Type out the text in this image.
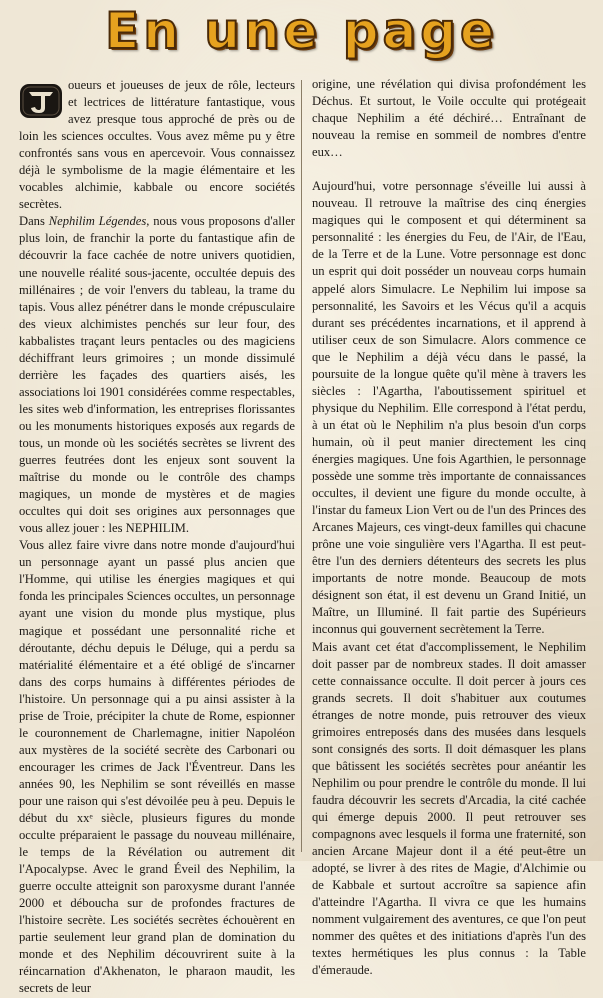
En une page

oueurs et joueuses de jeux de rôle, lecteurs et lectrices de littérature fantastique, vous avez presque tous approché de près ou de loin les sciences occultes. Vous avez même pu y être confrontés sans vous en apercevoir. Vous connaissez déjà le symbolisme de la magie élémentaire et les vocables alchimie, kabbale ou encore sociétés secrètes.

Dans Nephilim Légendes, nous vous proposons d'aller plus loin, de franchir la porte du fantastique afin de découvrir la face cachée de notre univers quotidien, une nouvelle réalité sous-jacente, occultée depuis des millénaires ; de voir l'envers du tableau, la trame du tapis. Vous allez pénétrer dans le monde crépusculaire des vieux alchimistes penchés sur leur four, des kabbalistes traçant leurs pentacles ou des magiciens déchiffrant leurs grimoires ; un monde dissimulé derrière les façades des quartiers aisés, les associations loi 1901 considérées comme respectables, les sites web d'information, les entreprises florissantes ou les monuments historiques exposés aux regards de tous, un monde où les sociétés secrètes se livrent des guerres feutrées dont les enjeux sont souvent la maîtrise du monde ou le contrôle des champs magiques, un monde de mystères et de magies occultes qui doit ses origines aux personnages que vous allez jouer : les NEPHILIM.

Vous allez faire vivre dans notre monde d'aujourd'hui un personnage ayant un passé plus ancien que l'Homme, qui utilise les énergies magiques et qui fonda les principales Sciences occultes, un personnage ayant une vision du monde plus mystique, plus magique et possédant une personnalité riche et déroutante, déchu depuis le Déluge, qui a perdu sa matérialité élémentaire et a été obligé de s'incarner dans des corps humains à différentes périodes de l'histoire. Un personnage qui a pu ainsi assister à la prise de Troie, précipiter la chute de Rome, espionner le couronnement de Charlemagne, initier Napoléon aux mystères de la société secrète des Carbonari ou encourager les crimes de Jack l'Éventreur. Dans les années 90, les Nephilim se sont réveillés en masse pour une raison qui s'est dévoilée peu à peu. Depuis le début du xxᵉ siècle, plusieurs figures du monde occulte préparaient le passage du nouveau millénaire, le temps de la Révélation ou autrement dit l'Apocalypse. Avec le grand Éveil des Nephilim, la guerre occulte atteignit son paroxysme durant l'année 2000 et déboucha sur de profondes fractures de l'histoire secrète. Les sociétés secrètes échouèrent en partie seulement leur grand plan de domination du monde et des Nephilim découvrirent suite à la réincarnation d'Akhenaton, le pharaon maudit, les secrets de leur

origine, une révélation qui divisa profondément les Déchus. Et surtout, le Voile occulte qui protégeait chaque Nephilim a été déchiré… Entraînant de nouveau la remise en sommeil de nombres d'entre eux…

Aujourd'hui, votre personnage s'éveille lui aussi à nouveau. Il retrouve la maîtrise des cinq énergies magiques qui le composent et qui déterminent sa personnalité : les énergies du Feu, de l'Air, de l'Eau, de la Terre et de la Lune. Votre personnage est donc un esprit qui doit posséder un nouveau corps humain appelé alors Simulacre. Le Nephilim lui impose sa personnalité, les Savoirs et les Vécus qu'il a acquis durant ses précédentes incarnations, et il apprend à utiliser ceux de son Simulacre. Alors commence ce que le Nephilim a déjà vécu dans le passé, la poursuite de la longue quête qu'il mène à travers les siècles : l'Agartha, l'aboutissement spirituel et physique du Nephilim. Elle correspond à l'état perdu, à un état où le Nephilim n'a plus besoin d'un corps humain, où il peut manier directement les cinq énergies magiques. Une fois Agarthien, le personnage possède une somme très importante de connaissances occultes, il devient une figure du monde occulte, à l'instar du fameux Lion Vert ou de l'un des Princes des Arcanes Majeurs, ces vingt-deux familles qui chacune prône une voie singulière vers l'Agartha. Il est peut-être l'un des derniers détenteurs des secrets les plus importants de notre monde. Beaucoup de mots désignent son état, il est devenu un Grand Initié, un Maître, un Illuminé. Il fait partie des Supérieurs inconnus qui gouvernent secrètement la Terre.

Mais avant cet état d'accomplissement, le Nephilim doit passer par de nombreux stades. Il doit amasser cette connaissance occulte. Il doit percer à jours ces grands secrets. Il doit s'habituer aux coutumes étranges de notre monde, puis retrouver des vieux grimoires entreposés dans des musées dans lesquels sont consignés des sorts. Il doit démasquer les plans que bâtissent les sociétés secrètes pour anéantir les Nephilim ou pour prendre le contrôle du monde. Il lui faudra découvrir les secrets d'Arcadia, la cité cachée qui émerge depuis 2000. Il peut retrouver ses compagnons avec lesquels il forma une fraternité, son ancien Arcane Majeur dont il a été peut-être un adopté, se livrer à des rites de Magie, d'Alchimie ou de Kabbale et surtout accroître sa sapience afin d'atteindre l'Agartha. Il vivra ce que les humains nomment vulgairement des aventures, ce que l'on peut nommer des quêtes et des initiations d'après l'un des textes hermétiques les plus connus : la Table d'émeraude.
